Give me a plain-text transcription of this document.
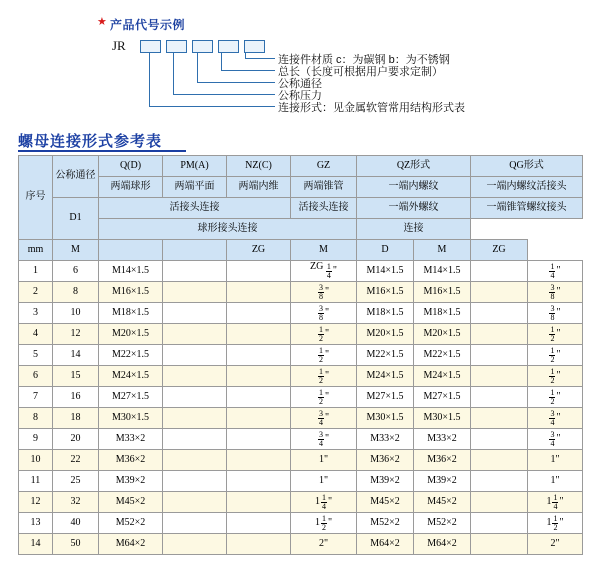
★ 产品代号示例
JR
连接件材质 c：为碳钢 b：为不锈钢
总长（长度可根据用户要求定制）
公称通径
公称压力
连接形式：见金属软管常用结构形式表
螺母连接形式参考表
序号	公称通径	Q(D)	PM(A)	NZ(C)	GZ	QZ形式		QG形式	
		两端球形	两端平面	两端内维	两端锥管	一端内螺纹		一端内螺纹活接头	
	D1	活接头连接			活接头连接	一端外螺纹		一端锥管螺纹接头	
		球形接头连接				连接			
mm	M			ZG	M	D	M	ZG	
1	6	M14×1.5			ZG $\frac{1}{4}$ "	M14×1.5	M14×1.5		$\frac{1}{4}$ "

2	8	M16×1.5			$\frac{3}{8}$ "	M16×1.5	M16×1.5		$\frac{3}{8}$ "

3	10	M18×1.5			$\frac{3}{8}$ "	M18×1.5	M18×1.5		$\frac{3}{8}$ "

4	12	M20×1.5			$\frac{1}{2}$ "	M20×1.5	M20×1.5		$\frac{1}{2}$ "

5	14	M22×1.5			$\frac{1}{2}$ "	M22×1.5	M22×1.5		$\frac{1}{2}$ "

6	15	M24×1.5			$\frac{1}{2}$ "	M24×1.5	M24×1.5		$\frac{1}{2}$ "

7	16	M27×1.5			$\frac{1}{2}$ "	M27×1.5	M27×1.5		$\frac{1}{2}$ "

8	18	M30×1.5			$\frac{3}{4}$ "	M30×1.5	M30×1.5		$\frac{3}{4}$ "

9	20	M33×2			$\frac{3}{4}$ "	M33×2	M33×2		$\frac{3}{4}$ "

10	22	M36×2			1"	M36×2	M36×2		1"
11	25	M39×2			1"	M39×2	M39×2		1"
12	32	M45×2			$1 \frac{1}{4}$ "	M45×2	M45×2		$1 \frac{1}{4}$ "

13	40	M52×2			$1 \frac{1}{2}$ "	M52×2	M52×2		$1 \frac{1}{2}$ "

14	50	M64×2			2"	M64×2	M64×2		2"
